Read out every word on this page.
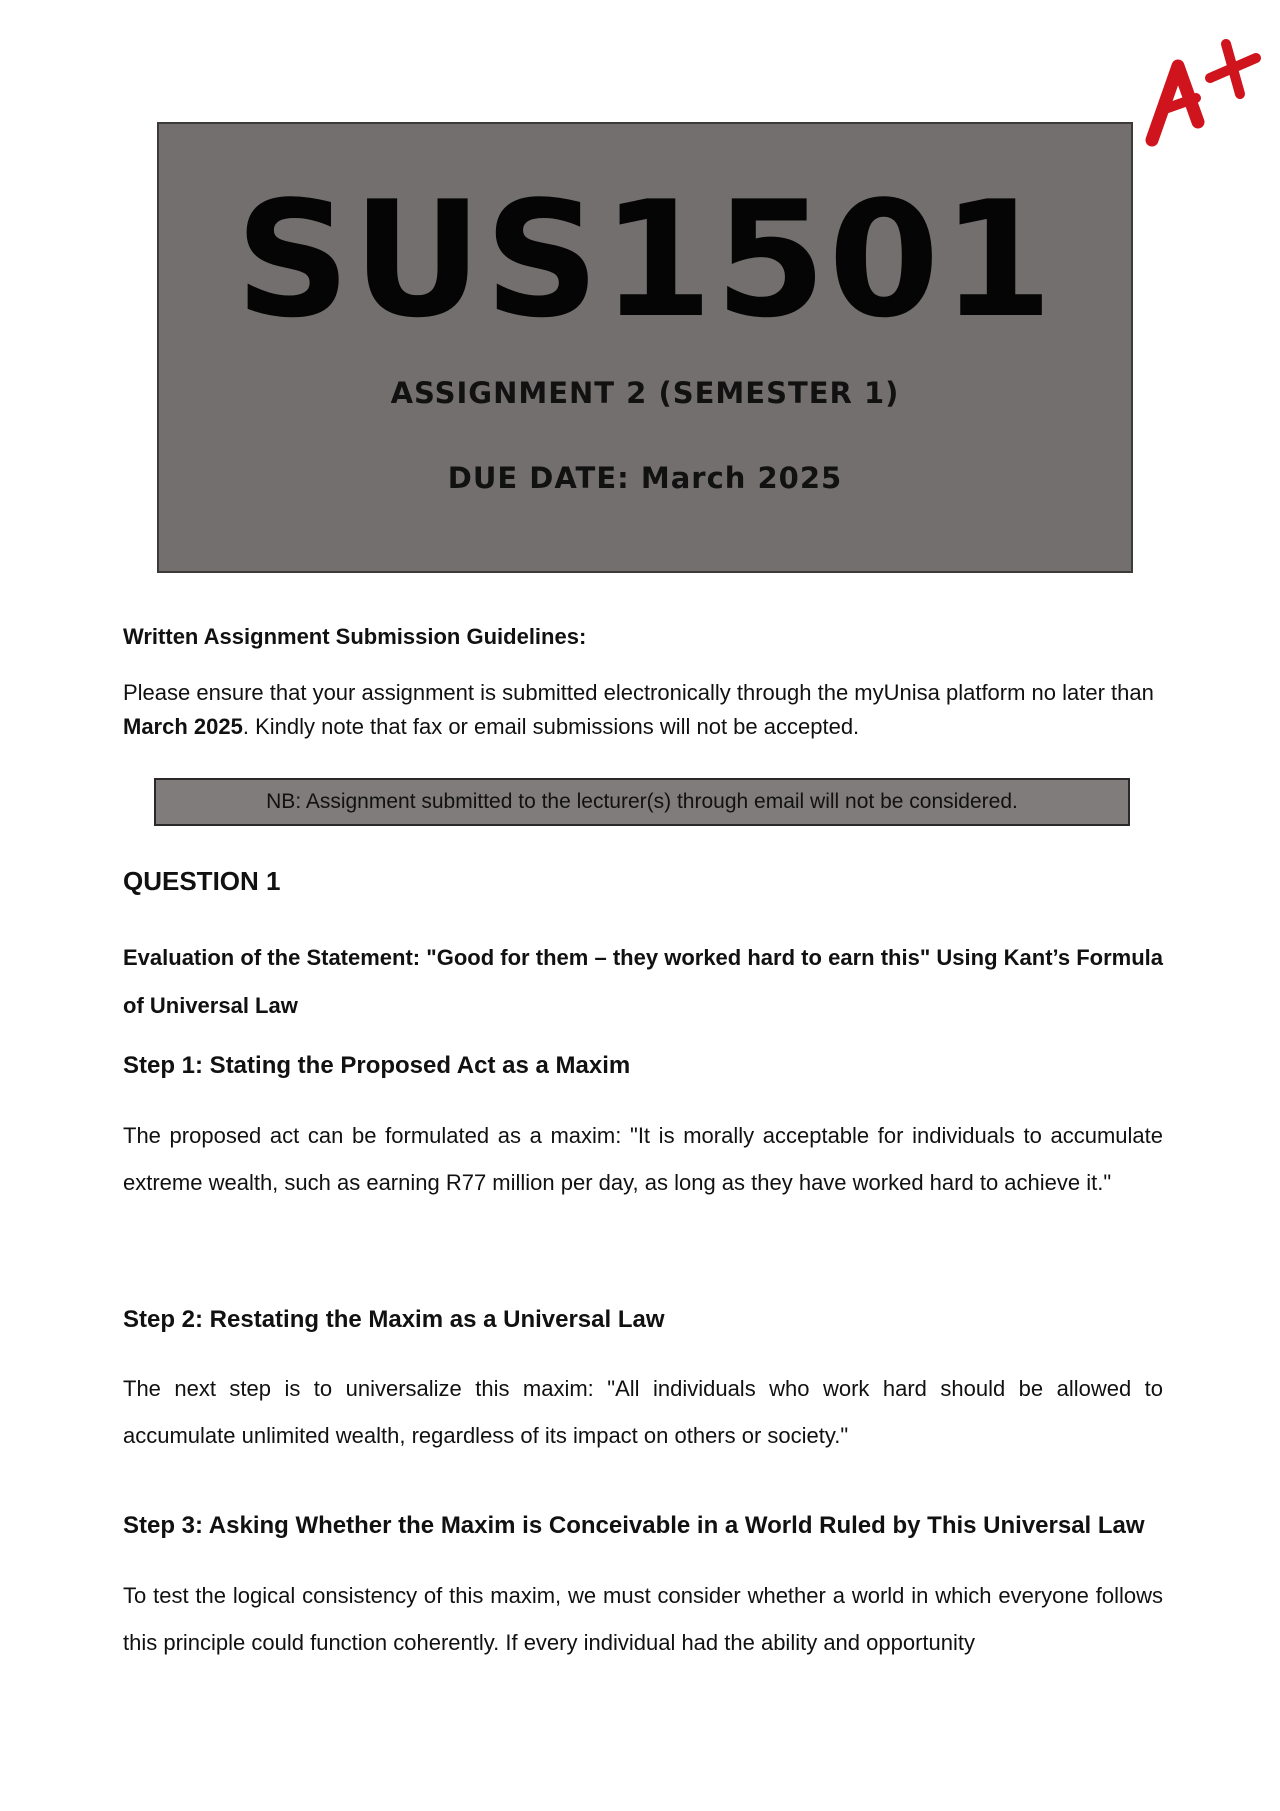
SUS1501
ASSIGNMENT 2 (SEMESTER 1)
DUE DATE: March 2025
Written Assignment Submission Guidelines:
Please ensure that your assignment is submitted electronically through the myUnisa platform no later than March 2025. Kindly note that fax or email submissions will not be accepted.
NB: Assignment submitted to the lecturer(s) through email will not be considered.
QUESTION 1
Evaluation of the Statement: "Good for them – they worked hard to earn this" Using Kant’s Formula of Universal Law
Step 1: Stating the Proposed Act as a Maxim
The proposed act can be formulated as a maxim: "It is morally acceptable for individuals to accumulate extreme wealth, such as earning R77 million per day, as long as they have worked hard to achieve it."
Step 2: Restating the Maxim as a Universal Law
The next step is to universalize this maxim: "All individuals who work hard should be allowed to accumulate unlimited wealth, regardless of its impact on others or society."
Step 3: Asking Whether the Maxim is Conceivable in a World Ruled by This Universal Law
To test the logical consistency of this maxim, we must consider whether a world in which everyone follows this principle could function coherently. If every individual had the ability and opportunity
